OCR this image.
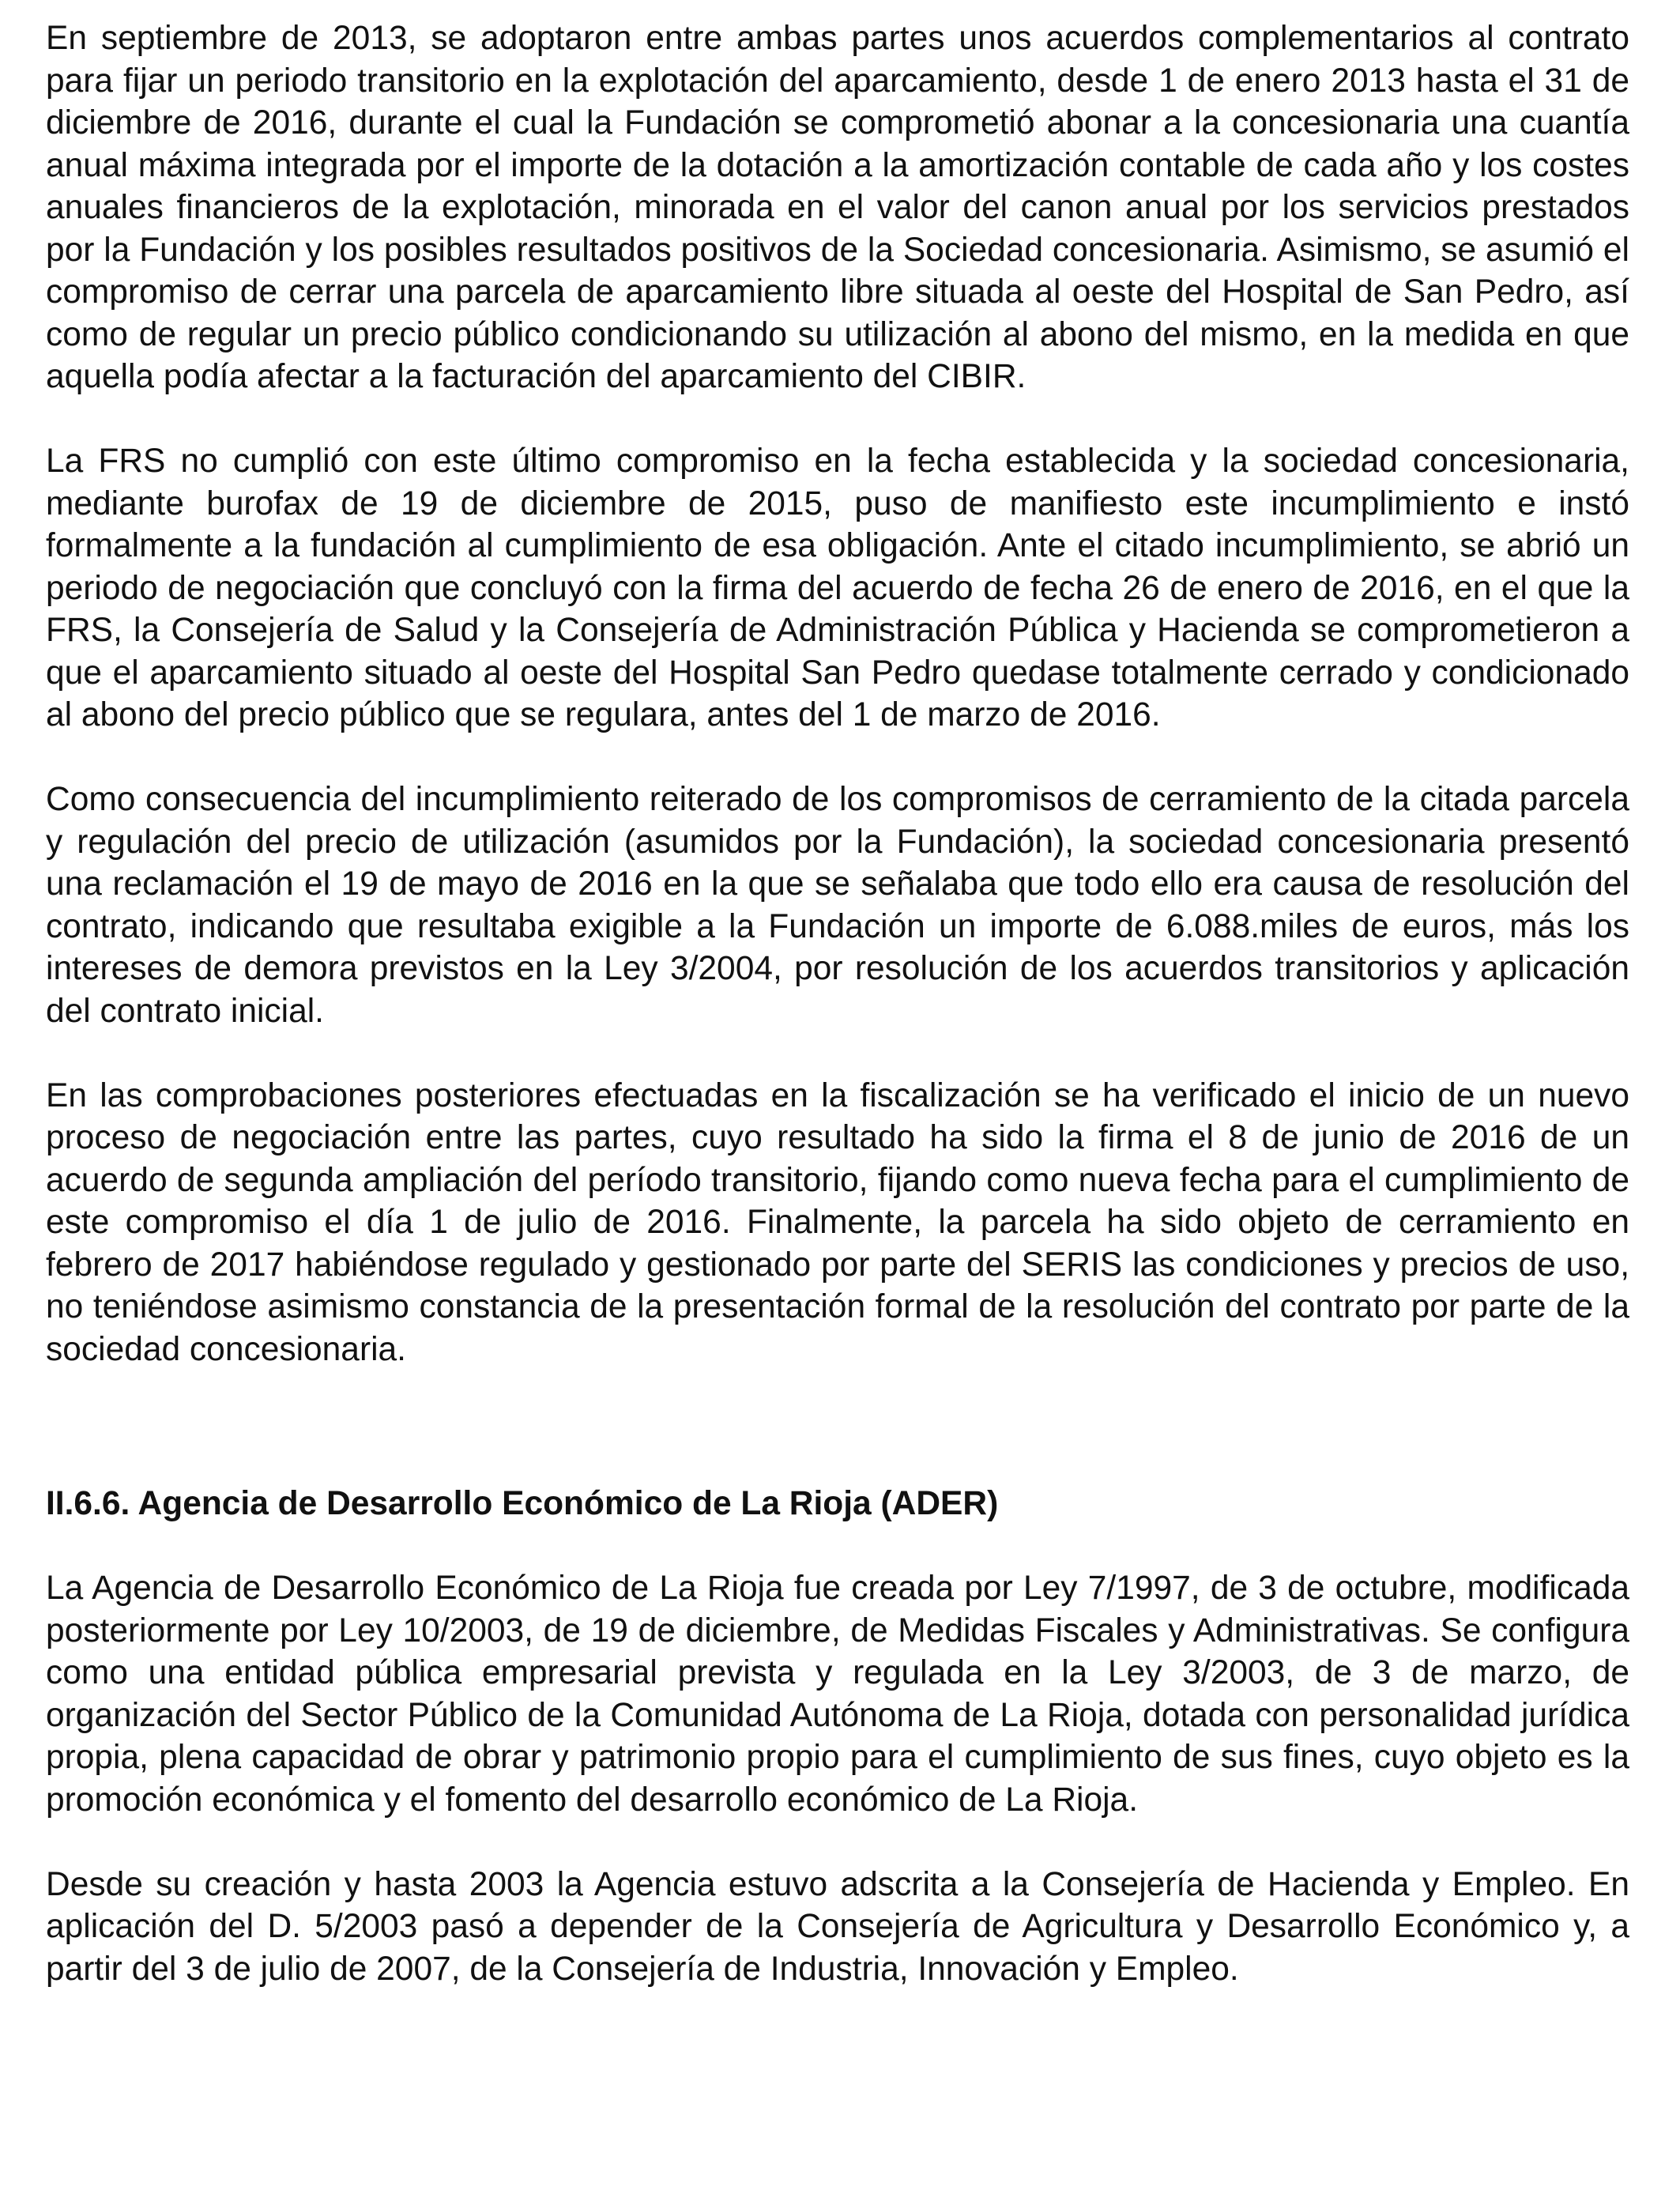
En septiembre de 2013, se adoptaron entre ambas partes unos acuerdos complementarios al contrato para fijar un periodo transitorio en la explotación del aparcamiento, desde 1 de enero 2013 hasta el 31 de diciembre de 2016, durante el cual la Fundación se comprometió abonar a la concesionaria una cuantía anual máxima integrada por el importe de la dotación a la amortización contable de cada año y los costes anuales financieros de la explotación, minorada en el valor del canon anual por los servicios prestados por la Fundación y los posibles resultados positivos de la Sociedad concesionaria. Asimismo, se asumió el compromiso de cerrar una parcela de aparcamiento libre situada al oeste del Hospital de San Pedro, así como de regular un precio público condicionando su utilización al abono del mismo, en la medida en que aquella podía afectar a la facturación del aparcamiento del CIBIR.

La FRS no cumplió con este último compromiso en la fecha establecida y la sociedad concesionaria, mediante burofax de 19 de diciembre de 2015, puso de manifiesto este incumplimiento e instó formalmente a la fundación al cumplimiento de esa obligación. Ante el citado incumplimiento, se abrió un periodo de negociación que concluyó con la firma del acuerdo de fecha 26 de enero de 2016, en el que la FRS, la Consejería de Salud y la Consejería de Administración Pública y Hacienda se comprometieron a que el aparcamiento situado al oeste del Hospital San Pedro quedase totalmente cerrado y condicionado al abono del precio público que se regulara, antes del 1 de marzo de 2016.

Como consecuencia del incumplimiento reiterado de los compromisos de cerramiento de la citada parcela y regulación del precio de utilización (asumidos por la Fundación), la sociedad concesionaria presentó una reclamación el 19 de mayo de 2016 en la que se señalaba que todo ello era causa de resolución del contrato, indicando que resultaba exigible a la Fundación un importe de 6.088.miles de euros, más los intereses de demora previstos en la Ley 3/2004, por resolución de los acuerdos transitorios y aplicación del contrato inicial.

En las comprobaciones posteriores efectuadas en la fiscalización se ha verificado el inicio de un nuevo proceso de negociación entre las partes, cuyo resultado ha sido la firma el 8 de junio de 2016 de un acuerdo de segunda ampliación del período transitorio, fijando como nueva fecha para el cumplimiento de este compromiso el día 1 de julio de 2016. Finalmente, la parcela ha sido objeto de cerramiento en febrero de 2017 habiéndose regulado y gestionado por parte del SERIS las condiciones y precios de uso, no teniéndose asimismo constancia de la presentación formal de la resolución del contrato por parte de la sociedad concesionaria.

II.6.6. Agencia de Desarrollo Económico de La Rioja (ADER)

La Agencia de Desarrollo Económico de La Rioja fue creada por Ley 7/1997, de 3 de octubre, modificada posteriormente por Ley 10/2003, de 19 de diciembre, de Medidas Fiscales y Administrativas. Se configura como una entidad pública empresarial prevista y regulada en la Ley 3/2003, de 3 de marzo, de organización del Sector Público de la Comunidad Autónoma de La Rioja, dotada con personalidad jurídica propia, plena capacidad de obrar y patrimonio propio para el cumplimiento de sus fines, cuyo objeto es la promoción económica y el fomento del desarrollo económico de La Rioja.

Desde su creación y hasta 2003 la Agencia estuvo adscrita a la Consejería de Hacienda y Empleo. En aplicación del D. 5/2003 pasó a depender de la Consejería de Agricultura y Desarrollo Económico y, a partir del 3 de julio de 2007, de la Consejería de Industria, Innovación y Empleo.
